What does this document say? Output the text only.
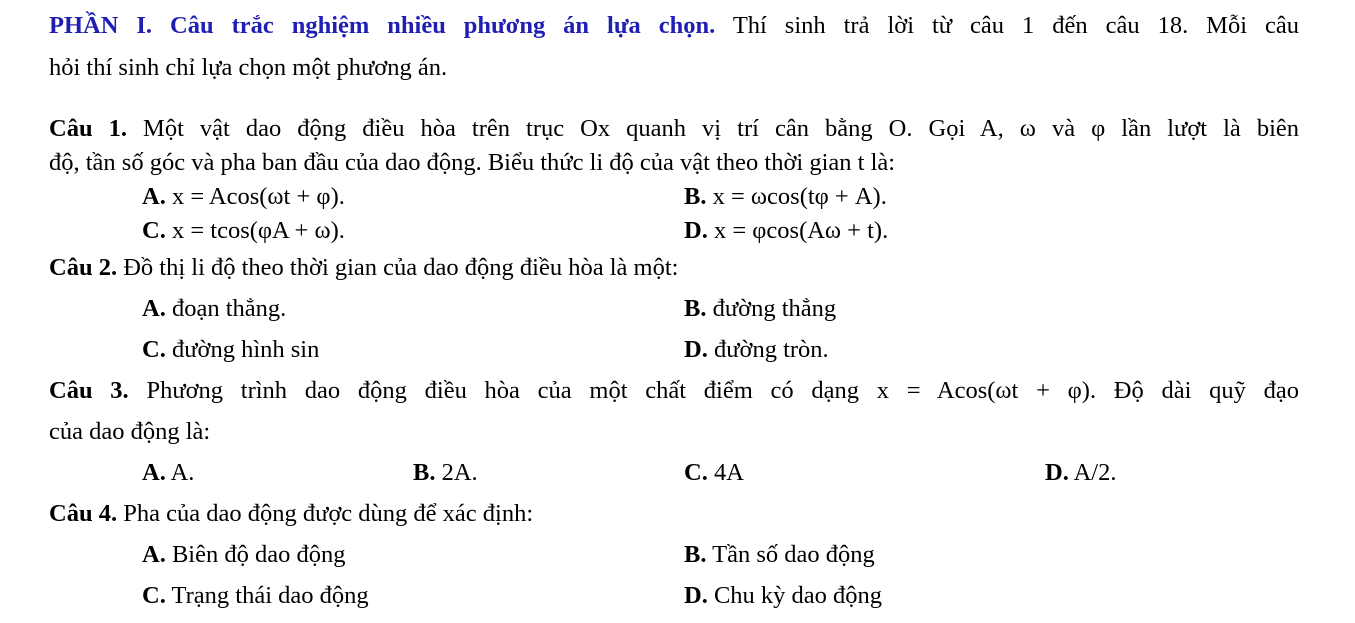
PHẦN I. Câu trắc nghiệm nhiều phương án lựa chọn. Thí sinh trả lời từ câu 1 đến câu 18. Mỗi câu
hỏi thí sinh chỉ lựa chọn một phương án.
Câu 1. Một vật dao động điều hòa trên trục Ox quanh vị trí cân bằng O. Gọi A, ω và φ lần lượt là biên
độ, tần số góc và pha ban đầu của dao động. Biểu thức li độ của vật theo thời gian t là:
A. x = Acos(ωt + φ).	B. x = ωcos(tφ + A).
C. x = tcos(φA + ω).	D. x = φcos(Aω + t).
Câu 2. Đồ thị li độ theo thời gian của dao động điều hòa là một:
A. đoạn thẳng.	B. đường thẳng
C. đường hình sin	D. đường tròn.
Câu 3. Phương trình dao động điều hòa của một chất điểm có dạng x = Acos(ωt + φ). Độ dài quỹ đạo
của dao động là:
A. A.	B. 2A.	C. 4A	D. A/2.
Câu 4. Pha của dao động được dùng để xác định:
A. Biên độ dao động	B. Tần số dao động
C. Trạng thái dao động	D. Chu kỳ dao động
